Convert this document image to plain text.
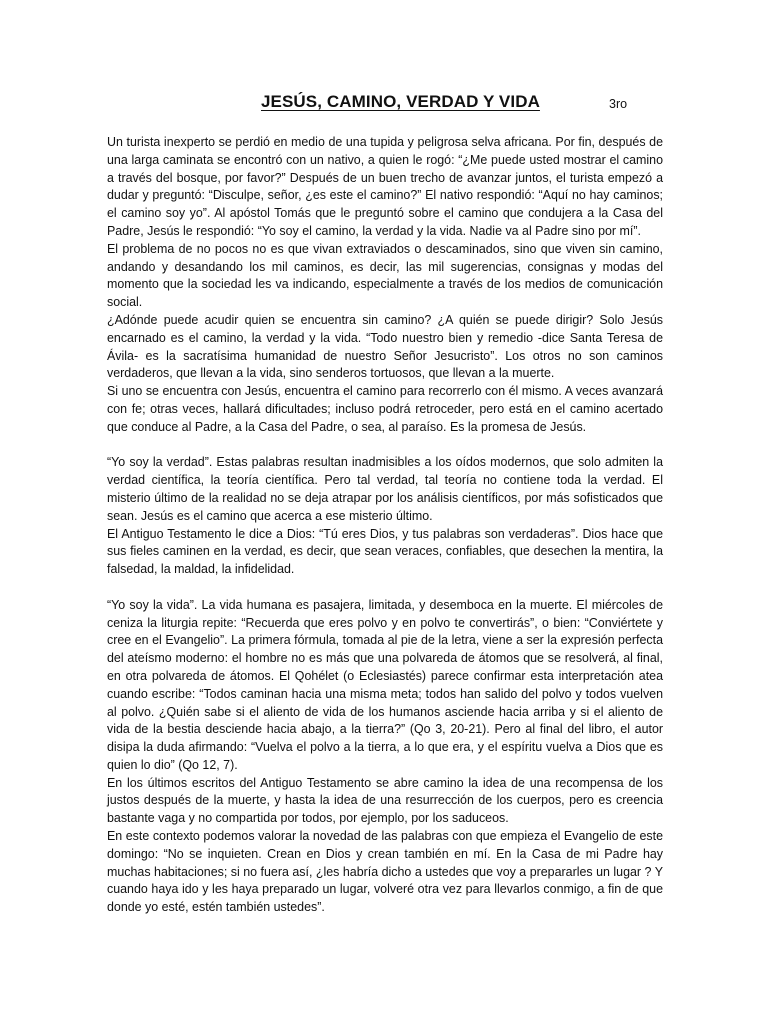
JESÚS, CAMINO, VERDAD Y VIDA	3ro

Un turista inexperto se perdió en medio de una tupida y peligrosa selva africana. Por fin, después de una larga caminata se encontró con un nativo, a quien le rogó: “¿Me puede usted mostrar el camino a través del bosque, por favor?” Después de un buen trecho de avanzar juntos, el turista empezó a dudar y preguntó: “Disculpe, señor, ¿es este el camino?” El nativo respondió: “Aquí no hay caminos; el camino soy yo”. Al apóstol Tomás que le preguntó sobre el camino que condujera a la Casa del Padre, Jesús le respondió: “Yo soy el camino, la verdad y la vida. Nadie va al Padre sino por mí”.

El problema de no pocos no es que vivan extraviados o descaminados, sino que viven sin camino, andando y desandando los mil caminos, es decir, las mil sugerencias, consignas y modas del momento que la sociedad les va indicando, especialmente a través de los medios de comunicación social.

¿Adónde puede acudir quien se encuentra sin camino? ¿A quién se puede dirigir? Solo Jesús encarnado es el camino, la verdad y la vida. “Todo nuestro bien y remedio -dice Santa Teresa de Ávila- es la sacratísima humanidad de nuestro Señor Jesucristo”. Los otros no son caminos verdaderos, que llevan a la vida, sino senderos tortuosos, que llevan a la muerte.

Si uno se encuentra con Jesús, encuentra el camino para recorrerlo con él mismo. A veces avanzará con fe; otras veces, hallará dificultades; incluso podrá retroceder, pero está en el camino acertado que conduce al Padre, a la Casa del Padre, o sea, al paraíso. Es la promesa de Jesús.

“Yo soy la verdad”. Estas palabras resultan inadmisibles a los oídos modernos, que solo admiten la verdad científica, la teoría científica. Pero tal verdad, tal teoría no contiene toda la verdad. El misterio último de la realidad no se deja atrapar por los análisis científicos, por más sofisticados que sean. Jesús es el camino que acerca a ese misterio último.

El Antiguo Testamento le dice a Dios: “Tú eres Dios, y tus palabras son verdaderas”. Dios hace que sus fieles caminen en la verdad, es decir, que sean veraces, confiables, que desechen la mentira, la falsedad, la maldad, la infidelidad.

“Yo soy la vida”. La vida humana es pasajera, limitada, y desemboca en la muerte. El miércoles de ceniza la liturgia repite: “Recuerda que eres polvo y en polvo te convertirás”, o bien: “Conviértete y cree en el Evangelio”. La primera fórmula, tomada al pie de la letra, viene a ser la expresión perfecta del ateísmo moderno: el hombre no es más que una polvareda de átomos que se resolverá, al final, en otra polvareda de átomos. El Qohélet (o Eclesiastés) parece confirmar esta interpretación atea cuando escribe: “Todos caminan hacia una misma meta; todos han salido del polvo y todos vuelven al polvo. ¿Quién sabe si el aliento de vida de los humanos asciende hacia arriba y si el aliento de vida de la bestia desciende hacia abajo, a la tierra?” (Qo 3, 20-21). Pero al final del libro, el autor disipa la duda afirmando: “Vuelva el polvo a la tierra, a lo que era, y el espíritu vuelva a Dios que es quien lo dio” (Qo 12, 7).

En los últimos escritos del Antiguo Testamento se abre camino la idea de una recompensa de los justos después de la muerte, y hasta la idea de una resurrección de los cuerpos, pero es creencia bastante vaga y no compartida por todos, por ejemplo, por los saduceos.

En este contexto podemos valorar la novedad de las palabras con que empieza el Evangelio de este domingo: “No se inquieten. Crean en Dios y crean también en mí. En la Casa de mi Padre hay muchas habitaciones; si no fuera así, ¿les habría dicho a ustedes que voy a prepararles un lugar ? Y cuando haya ido y les haya preparado un lugar, volveré otra vez para llevarlos conmigo, a fin de que donde yo esté, estén también ustedes”.
